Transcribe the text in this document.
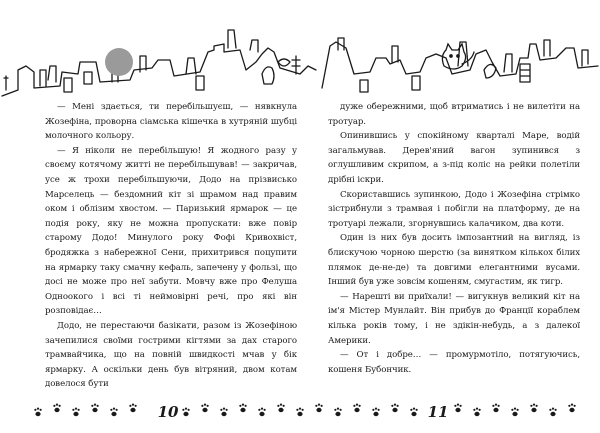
— Мені здається, ти перебільшуєш, — нявкнула Жозефіна, проворна сіамська кішечка в хутряній шубці молочного кольору.

— Я ніколи не перебільшую! Я жодного разу у своєму котячому житті не перебільшував! — закричав, усе ж трохи перебільшуючи, Додо на прізвисько Марселець — бездомний кіт зі шрамом над правим оком і облізим хвостом. — Паризький ярмарок — це подія року, яку не можна пропускати: вже повір старому Додо! Минулого року Фофі Кривохвіст, бродяжка з набережної Сени, прихитрився поцупити на ярмарку таку смачну кефаль, запечену у фользі, що досі не може про неї забути. Мовчу вже про Фелуша Одноокого і всі ті неймовірні речі, про які він розповідає…

Додо, не перестаючи базікати, разом із Жозефіною зачепилися своїми гострими кігтями за дах старого трамвайчика, що на повній швидкості мчав у бік ярмарку. А оскільки день був вітряний, двом котам довелося бути

дуже обережними, щоб втриматись і не вилетіти на тротуар.

Опинившись у спокійному кварталі Маре, водій загальмував. Дерев'яний вагон зупинився з оглушливим скрипом, а з-під коліс на рейки полетіли дрібні іскри.

Скориставшись зупинкою, Додо і Жозефіна стрімко зістрибнули з трамвая і побігли на платформу, де на тротуарі лежали, згорнувшись калачиком, два коти.

Один із них був досить імпозантний на вигляд, із блискучою чорною шерстю (за винятком кількох білих плямок де-не-де) та довгими елегантними вусами. Інший був уже зовсім кошеням, смугастим, як тигр.

— Нарешті ви приїхали! — вигукнув великий кіт на ім'я Містер Мунлайт. Він прибув до Франції кораблем кілька років тому, і не здікін-небудь, а з далекої Америки.

— От і добре… — промурмотіло, потягуючись, кошеня Бубончик.

10	11
